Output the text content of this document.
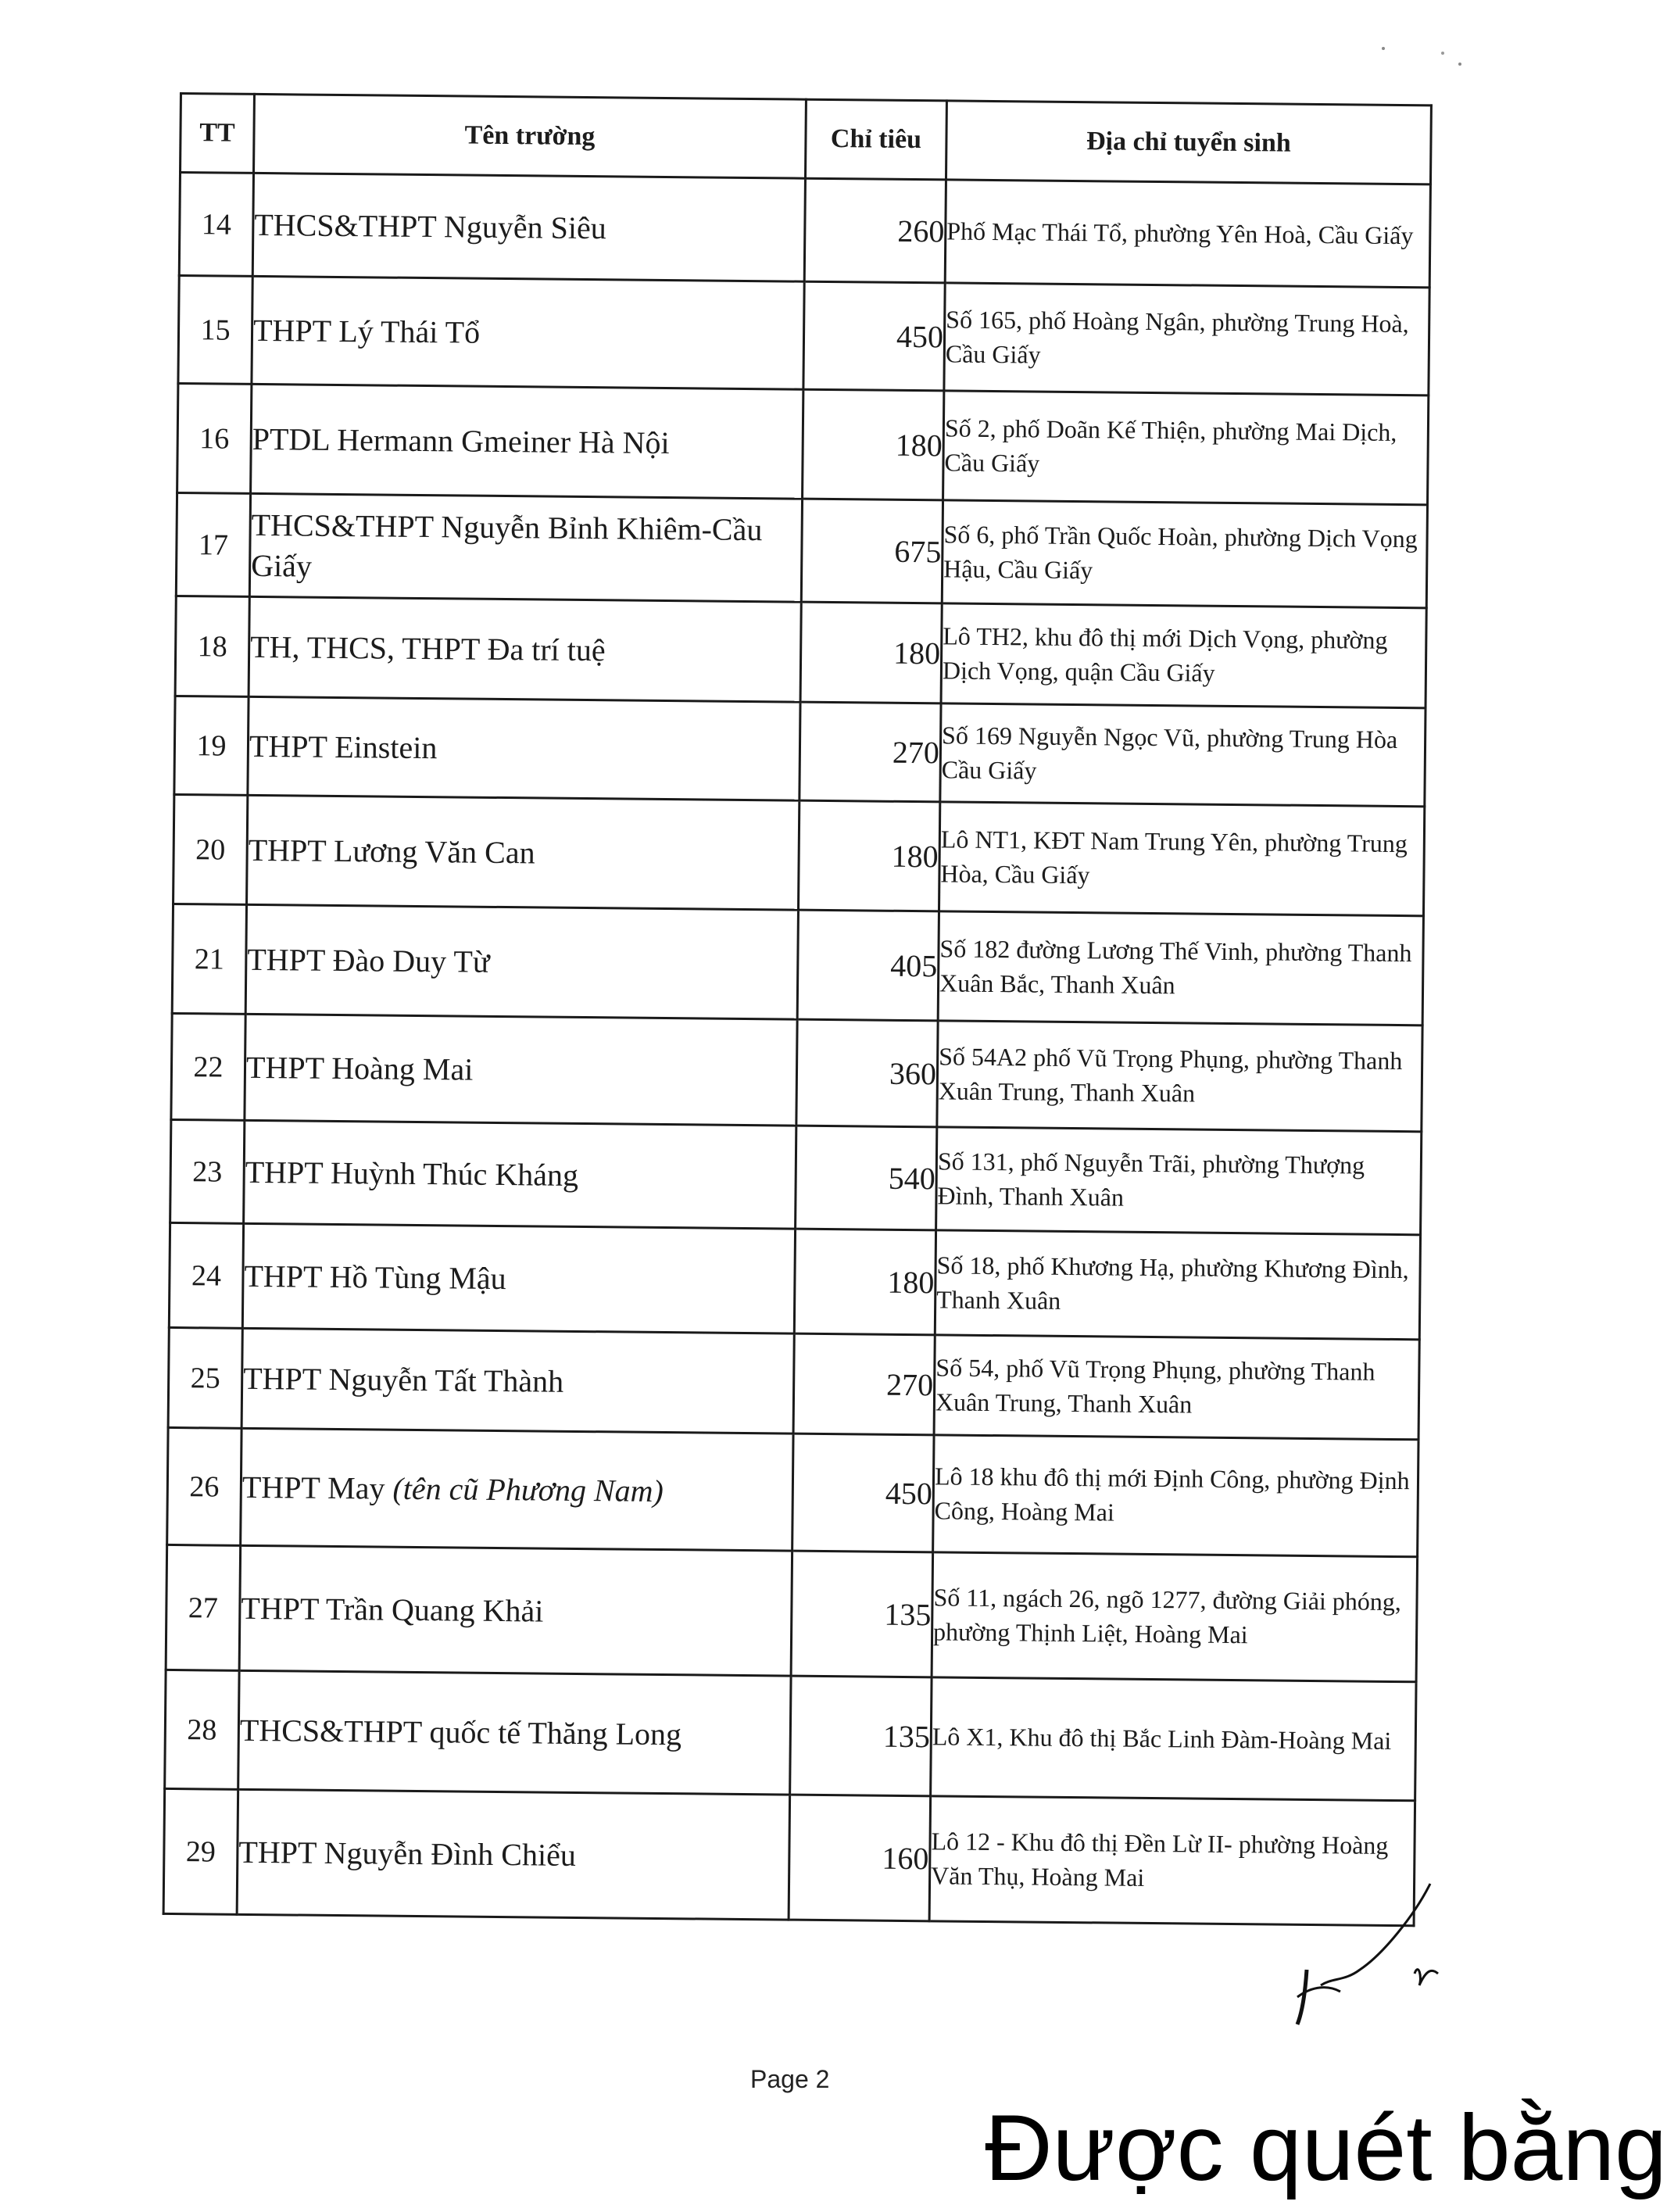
TT	Tên trường	Chỉ tiêu	Địa chỉ tuyển sinh
14	THCS&THPT Nguyễn Siêu	260	Phố Mạc Thái Tổ, phường Yên Hoà, Cầu Giấy
15	THPT Lý Thái Tổ	450	Số 165, phố Hoàng Ngân, phường Trung Hoà, Cầu Giấy
16	PTDL Hermann Gmeiner Hà Nội	180	Số 2, phố Doãn Kế Thiện, phường Mai Dịch, Cầu Giấy
17	THCS&THPT Nguyễn Bỉnh Khiêm-Cầu Giấy	675	Số 6, phố Trần Quốc Hoàn, phường Dịch Vọng Hậu, Cầu Giấy
18	TH, THCS, THPT Đa trí tuệ	180	Lô TH2, khu đô thị mới Dịch Vọng, phường Dịch Vọng, quận Cầu Giấy
19	THPT Einstein	270	Số 169 Nguyễn Ngọc Vũ, phường Trung Hòa Cầu Giấy
20	THPT Lương Văn Can	180	Lô NT1, KĐT Nam Trung Yên, phường Trung Hòa, Cầu Giấy
21	THPT Đào Duy Từ	405	Số 182 đường Lương Thế Vinh, phường Thanh Xuân Bắc, Thanh Xuân
22	THPT Hoàng Mai	360	Số 54A2 phố Vũ Trọng Phụng, phường Thanh Xuân Trung, Thanh Xuân
23	THPT Huỳnh Thúc Kháng	540	Số 131, phố Nguyễn Trãi, phường Thượng Đình, Thanh Xuân
24	THPT Hồ Tùng Mậu	180	Số 18, phố Khương Hạ, phường Khương Đình, Thanh Xuân
25	THPT Nguyễn Tất Thành	270	Số 54, phố Vũ Trọng Phụng, phường Thanh Xuân Trung, Thanh Xuân
26	THPT May (tên cũ Phương Nam)	450	Lô 18 khu đô thị mới Định Công, phường Định Công, Hoàng Mai
27	THPT Trần Quang Khải	135	Số 11, ngách 26, ngõ 1277, đường Giải phóng, phường Thịnh Liệt, Hoàng Mai
28	THCS&THPT quốc tế Thăng Long	135	Lô X1, Khu đô thị Bắc Linh Đàm-Hoàng Mai
29	THPT Nguyễn Đình Chiểu	160	Lô 12 - Khu đô thị Đền Lừ II- phường Hoàng Văn Thụ, Hoàng Mai
Page 2
Được quét bằng
